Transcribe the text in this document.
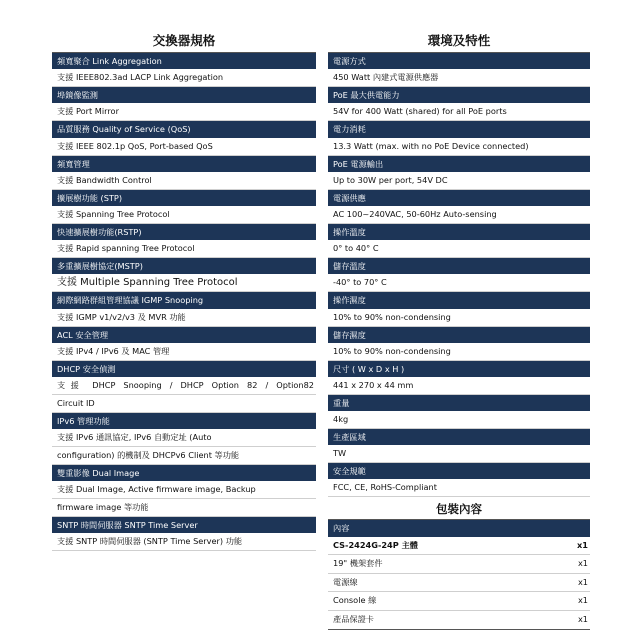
交換器規格
頻寬聚合 Link Aggregation
支援 IEEE802.3ad LACP Link Aggregation
埠鏡像監測
支援 Port Mirror
品質服務 Quality of Service (QoS)
支援 IEEE 802.1p QoS, Port-based QoS
頻寬管理
支援 Bandwidth Control
擴展樹功能 (STP)
支援 Spanning Tree Protocol
快速擴展樹功能(RSTP)
支援 Rapid spanning Tree Protocol
多重擴展樹協定(MSTP)
支援 Multiple Spanning Tree Protocol
網際網路群組管理協議 IGMP Snooping
支援 IGMP v1/v2/v3 及 MVR 功能
ACL 安全管理
支援 IPv4 / IPv6 及 MAC 管理
DHCP 安全偵測
支援 DHCP Snooping / DHCP Option 82 / Option82
Circuit ID
IPv6 管理功能
支援 IPv6 通訊協定, IPv6 自動定址 (Auto
configuration) 的機制及 DHCPv6 Client 等功能
雙重影像 Dual Image
支援 Dual Image, Active firmware image, Backup
firmware image 等功能
SNTP 時間伺服器 SNTP Time Server
支援 SNTP 時間伺服器 (SNTP Time Server) 功能
環境及特性
電源方式
450 Watt 內建式電源供應器
PoE 最大供電能力
54V for 400 Watt (shared) for all PoE ports
電力消耗
13.3 Watt (max. with no PoE Device connected)
PoE 電源輸出
Up to 30W per port, 54V DC
電源供應
AC 100~240VAC, 50-60Hz Auto-sensing
操作溫度
0° to 40° C
儲存溫度
-40° to 70° C
操作濕度
10% to 90% non-condensing
儲存濕度
10% to 90% non-condensing
尺寸 ( W x D x H )
441 x 270 x 44 mm
重量
4kg
生產區域
TW
安全規範
FCC, CE, RoHS-Compliant
包裝內容
內容
CS-2424G-24P 主體	x1
19" 機架套件	x1
電源線	x1
Console 線	x1
產品保證卡	x1
